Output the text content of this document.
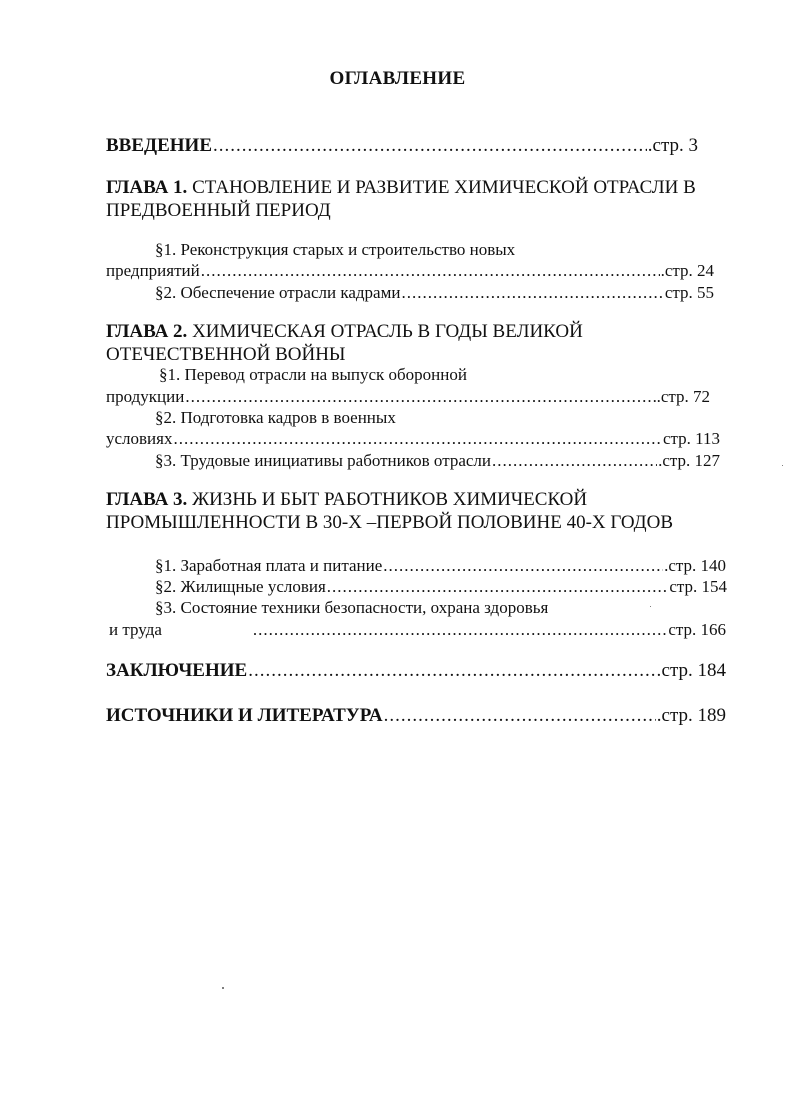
ОГЛАВЛЕНИЕ
ВВЕДЕНИЕ .....	.стр. 3
ГЛАВА 1. СТАНОВЛЕНИЕ И РАЗВИТИЕ ХИМИЧЕСКОЙ ОТРАСЛИ В ПРЕДВОЕННЫЙ ПЕРИОД
§1. Реконструкция старых и строительство новых
предприятий .....	.стр. 24
§2. Обеспечение отрасли кадрами .....	стр. 55
ГЛАВА 2. ХИМИЧЕСКАЯ ОТРАСЛЬ В ГОДЫ ВЕЛИКОЙ ОТЕЧЕСТВЕННОЙ ВОЙНЫ
§1. Перевод отрасли на выпуск оборонной
продукции .....	.стр. 72
§2. Подготовка кадров в военных
условиях .....	стр. 113
§3. Трудовые инициативы работников отрасли .....	.стр. 127
ГЛАВА 3. ЖИЗНЬ И БЫТ РАБОТНИКОВ ХИМИЧЕСКОЙ ПРОМЫШЛЕННОСТИ В 30-Х –ПЕРВОЙ ПОЛОВИНЕ 40-Х ГОДОВ
§1. Заработная плата и питание .....	.стр. 140
§2. Жилищные условия .....	стр. 154
§3. Состояние техники безопасности, охрана здоровья
и труда .....	стр. 166
ЗАКЛЮЧЕНИЕ .....	стр. 184
ИСТОЧНИКИ И ЛИТЕРАТУРА .....	.стр. 189
